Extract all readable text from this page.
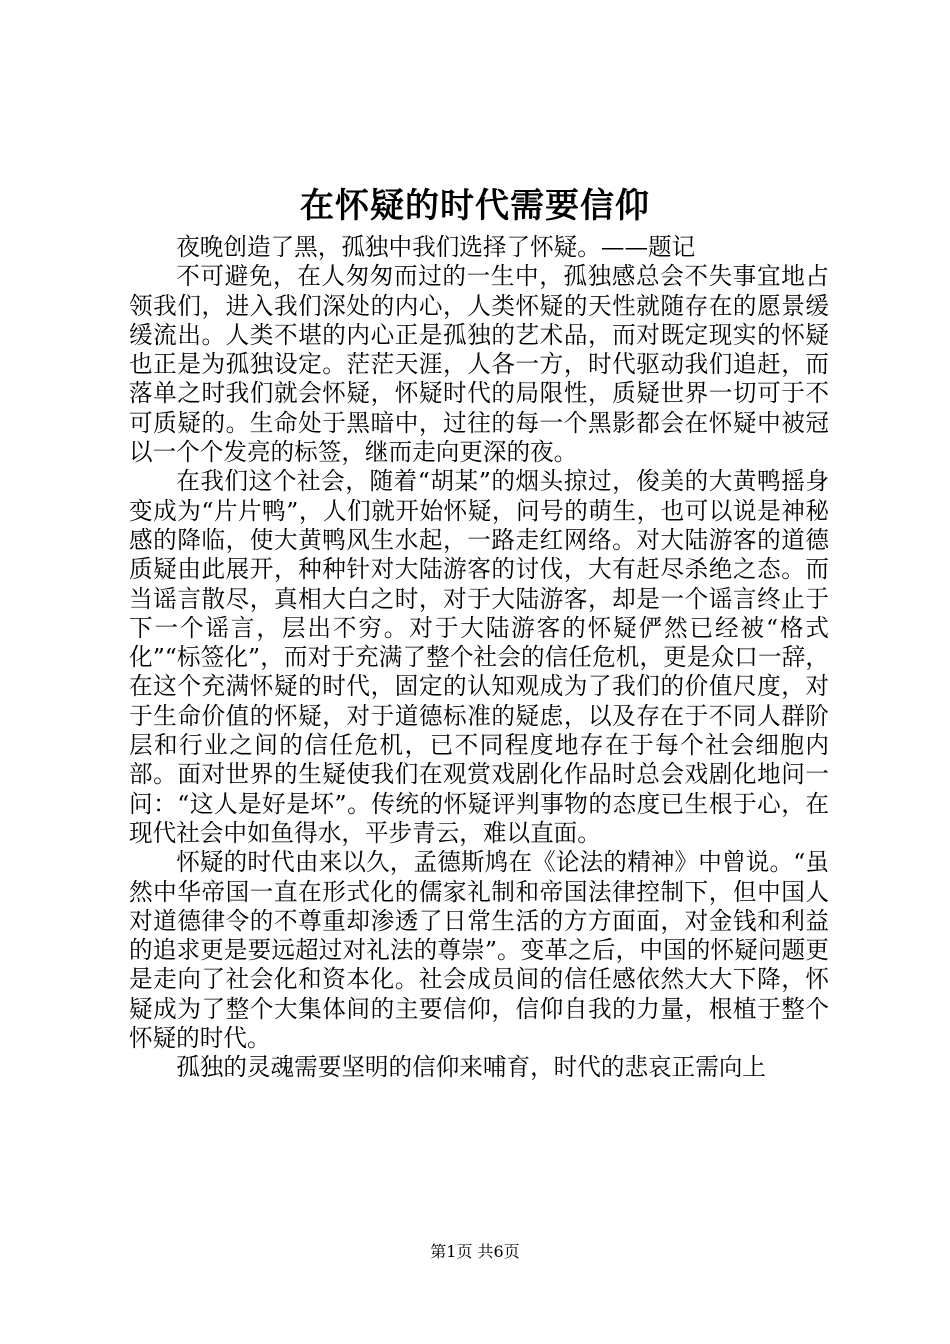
在怀疑的时代需要信仰

夜晚创造了黑，孤独中我们选择了怀疑。——题记

不可避免，在人匆匆而过的一生中，孤独感总会不失事宜地占领我们，进入我们深处的内心，人类怀疑的天性就随存在的愿景缓缓流出。人类不堪的内心正是孤独的艺术品，而对既定现实的怀疑也正是为孤独设定。茫茫天涯，人各一方，时代驱动我们追赶，而落单之时我们就会怀疑，怀疑时代的局限性，质疑世界一切可于不可质疑的。生命处于黑暗中，过往的每一个黑影都会在怀疑中被冠以一个个发亮的标签，继而走向更深的夜。

在我们这个社会，随着“胡某”的烟头掠过，俊美的大黄鸭摇身变成为“片片鸭”，人们就开始怀疑，问号的萌生，也可以说是神秘感的降临，使大黄鸭风生水起，一路走红网络。对大陆游客的道德质疑由此展开，种种针对大陆游客的讨伐，大有赶尽杀绝之态。而当谣言散尽，真相大白之时，对于大陆游客，却是一个谣言终止于下一个谣言，层出不穷。对于大陆游客的怀疑俨然已经被“格式化”“标签化”，而对于充满了整个社会的信任危机，更是众口一辞，在这个充满怀疑的时代，固定的认知观成为了我们的价值尺度，对于生命价值的怀疑，对于道德标准的疑虑，以及存在于不同人群阶层和行业之间的信任危机，已不同程度地存在于每个社会细胞内部。面对世界的生疑使我们在观赏戏剧化作品时总会戏剧化地问一问：“这人是好是坏”。传统的怀疑评判事物的态度已生根于心，在现代社会中如鱼得水，平步青云，难以直面。

怀疑的时代由来以久，孟德斯鸠在《论法的精神》中曾说。“虽然中华帝国一直在形式化的儒家礼制和帝国法律控制下，但中国人对道德律令的不尊重却渗透了日常生活的方方面面，对金钱和利益的追求更是要远超过对礼法的尊崇”。变革之后，中国的怀疑问题更是走向了社会化和资本化。社会成员间的信任感依然大大下降，怀疑成为了整个大集体间的主要信仰，信仰自我的力量，根植于整个怀疑的时代。

孤独的灵魂需要坚明的信仰来哺育，时代的悲哀正需向上

第1页 共6页
